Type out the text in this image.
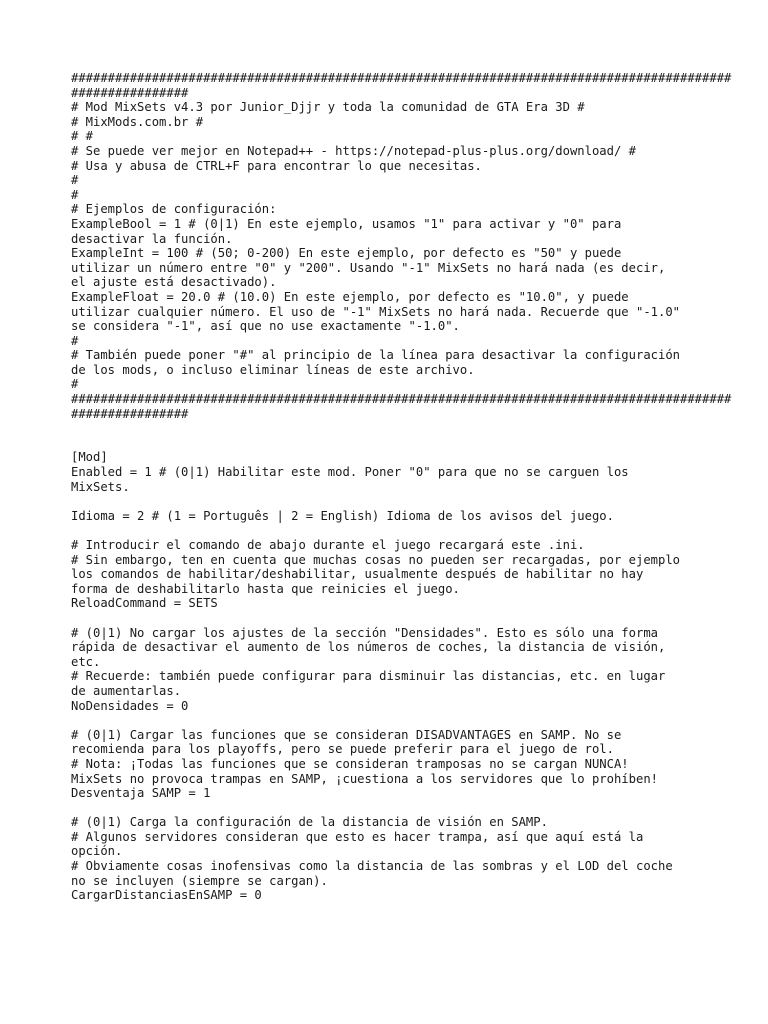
##########################################################################################
################
# Mod MixSets v4.3 por Junior_Djjr y toda la comunidad de GTA Era 3D #
# MixMods.com.br #
# #
# Se puede ver mejor en Notepad++ - https://notepad-plus-plus.org/download/ #
# Usa y abusa de CTRL+F para encontrar lo que necesitas.
#
#
# Ejemplos de configuración:
ExampleBool = 1 # (0|1) En este ejemplo, usamos "1" para activar y "0" para
desactivar la función.
ExampleInt = 100 # (50; 0-200) En este ejemplo, por defecto es "50" y puede
utilizar un número entre "0" y "200". Usando "-1" MixSets no hará nada (es decir,
el ajuste está desactivado).
ExampleFloat = 20.0 # (10.0) En este ejemplo, por defecto es "10.0", y puede
utilizar cualquier número. El uso de "-1" MixSets no hará nada. Recuerde que "-1.0"
se considera "-1", así que no use exactamente "-1.0".
#
# También puede poner "#" al principio de la línea para desactivar la configuración
de los mods, o incluso eliminar líneas de este archivo.
#
##########################################################################################
################
[Mod]
Enabled = 1 # (0|1) Habilitar este mod. Poner "0" para que no se carguen los
MixSets.
Idioma = 2 # (1 = Português | 2 = English) Idioma de los avisos del juego.
# Introducir el comando de abajo durante el juego recargará este .ini.
# Sin embargo, ten en cuenta que muchas cosas no pueden ser recargadas, por ejemplo
los comandos de habilitar/deshabilitar, usualmente después de habilitar no hay
forma de deshabilitarlo hasta que reinicies el juego.
ReloadCommand = SETS
# (0|1) No cargar los ajustes de la sección "Densidades". Esto es sólo una forma
rápida de desactivar el aumento de los números de coches, la distancia de visión,
etc.
# Recuerde: también puede configurar para disminuir las distancias, etc. en lugar
de aumentarlas.
NoDensidades = 0
# (0|1) Cargar las funciones que se consideran DISADVANTAGES en SAMP. No se
recomienda para los playoffs, pero se puede preferir para el juego de rol.
# Nota: ¡Todas las funciones que se consideran tramposas no se cargan NUNCA!
MixSets no provoca trampas en SAMP, ¡cuestiona a los servidores que lo prohíben!
Desventaja SAMP = 1
# (0|1) Carga la configuración de la distancia de visión en SAMP.
# Algunos servidores consideran que esto es hacer trampa, así que aquí está la
opción.
# Obviamente cosas inofensivas como la distancia de las sombras y el LOD del coche
no se incluyen (siempre se cargan).
CargarDistanciasEnSAMP = 0
